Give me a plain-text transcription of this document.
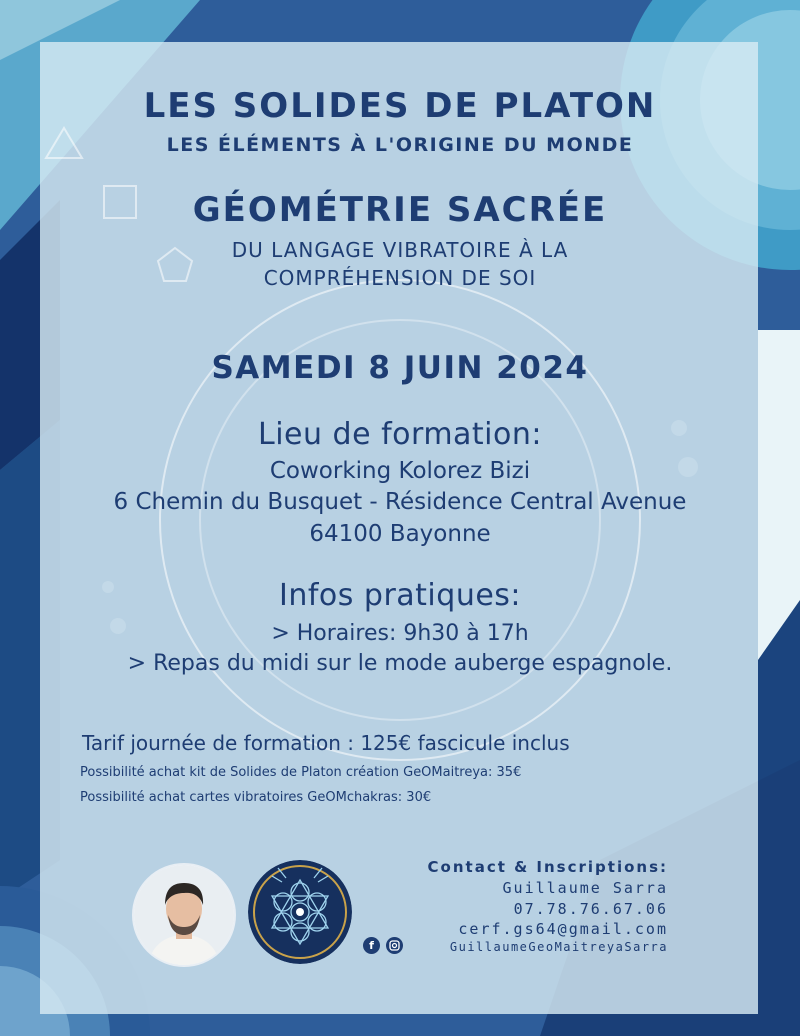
LES SOLIDES DE PLATON
LES ÉLÉMENTS À L'ORIGINE DU MONDE
GÉOMÉTRIE SACRÉE
DU LANGAGE VIBRATOIRE À LA
COMPRÉHENSION DE SOI
SAMEDI 8 JUIN 2024
Lieu de formation:
Coworking Kolorez Bizi
6 Chemin du Busquet - Résidence Central Avenue
64100 Bayonne
Infos pratiques:
> Horaires: 9h30 à 17h
> Repas du midi sur le mode auberge espagnole.
Tarif journée de formation : 125€ fascicule inclus
Possibilité achat kit de Solides de Platon création GeOMaitreya: 35€
Possibilité achat cartes vibratoires GeOMchakras: 30€
f
Contact & Inscriptions:
Guillaume Sarra
07.78.76.67.06
cerf.gs64@gmail.com
GuillaumeGeoMaitreyaSarra
